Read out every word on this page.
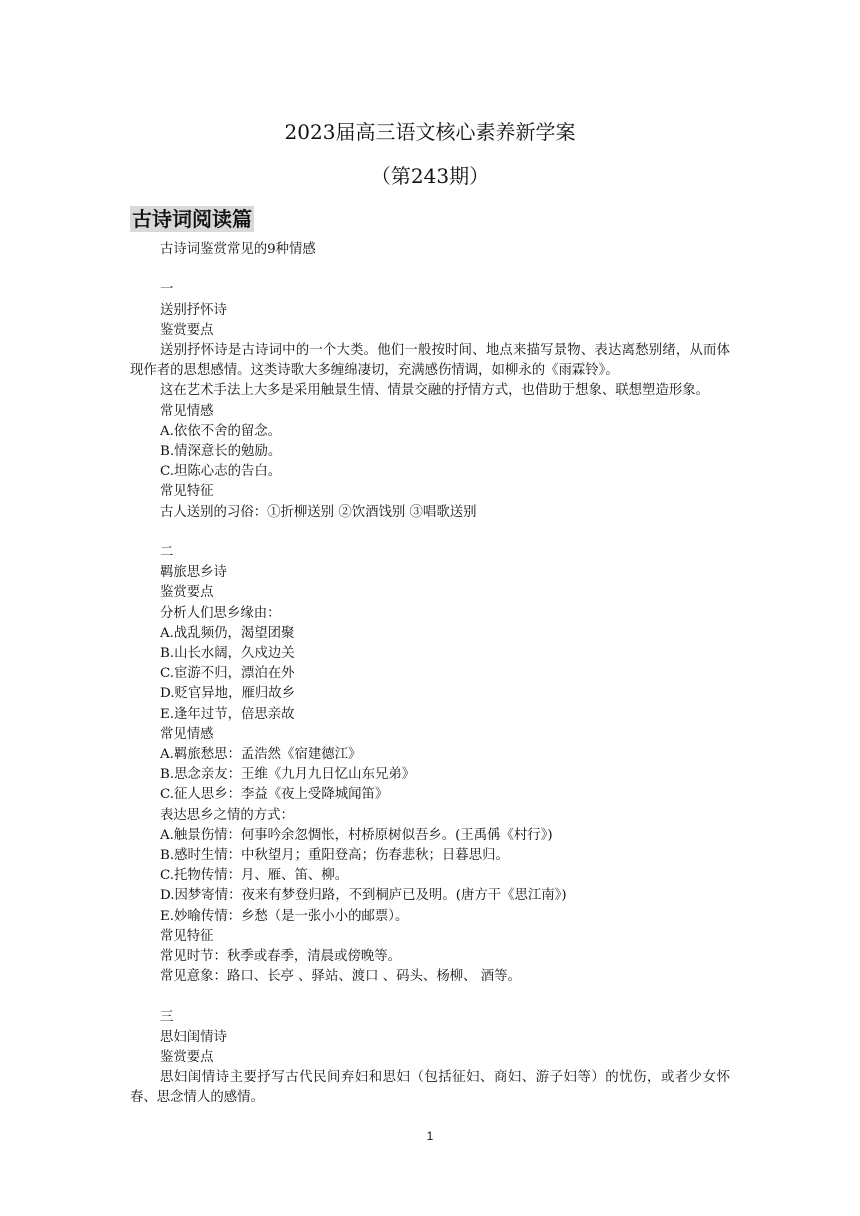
2023届高三语文核心素养新学案
（第243期）
古诗词阅读篇

古诗词鉴赏常见的9种情感

一

送别抒怀诗

鉴赏要点

送别抒怀诗是古诗词中的一个大类。他们一般按时间、地点来描写景物、表达离愁别绪，从而体现作者的思想感情。这类诗歌大多缠绵凄切，充满感伤情调，如柳永的《雨霖铃》。

这在艺术手法上大多是采用触景生情、情景交融的抒情方式，也借助于想象、联想塑造形象。

常见情感

A.依依不舍的留念。

B.情深意长的勉励。

C.坦陈心志的告白。

常见特征

古人送别的习俗：①折柳送别 ②饮酒饯别 ③唱歌送别

二

羁旅思乡诗

鉴赏要点

分析人们思乡缘由：

A.战乱频仍，渴望团聚

B.山长水阔，久戍边关

C.宦游不归，漂泊在外

D.贬官异地，雁归故乡

E.逢年过节，倍思亲故

常见情感

A.羁旅愁思：孟浩然《宿建德江》

B.思念亲友：王维《九月九日忆山东兄弟》

C.征人思乡：李益《夜上受降城闻笛》

表达思乡之情的方式：

A.触景伤情：何事吟余忽惆怅，村桥原树似吾乡。(王禹偁《村行》)

B.感时生情：中秋望月；重阳登高；伤春悲秋；日暮思归。

C.托物传情：月、雁、笛、柳。

D.因梦寄情：夜来有梦登归路，不到桐庐已及明。(唐方干《思江南》)

E.妙喻传情：乡愁（是一张小小的邮票）。

常见特征

常见时节：秋季或春季，清晨或傍晚等。

常见意象：路口、长亭 、驿站、渡口 、码头、杨柳、 酒等。

三

思妇闺情诗

鉴赏要点

思妇闺情诗主要抒写古代民间弃妇和思妇（包括征妇、商妇、游子妇等）的忧伤，或者少女怀春、思念情人的感情。

1
